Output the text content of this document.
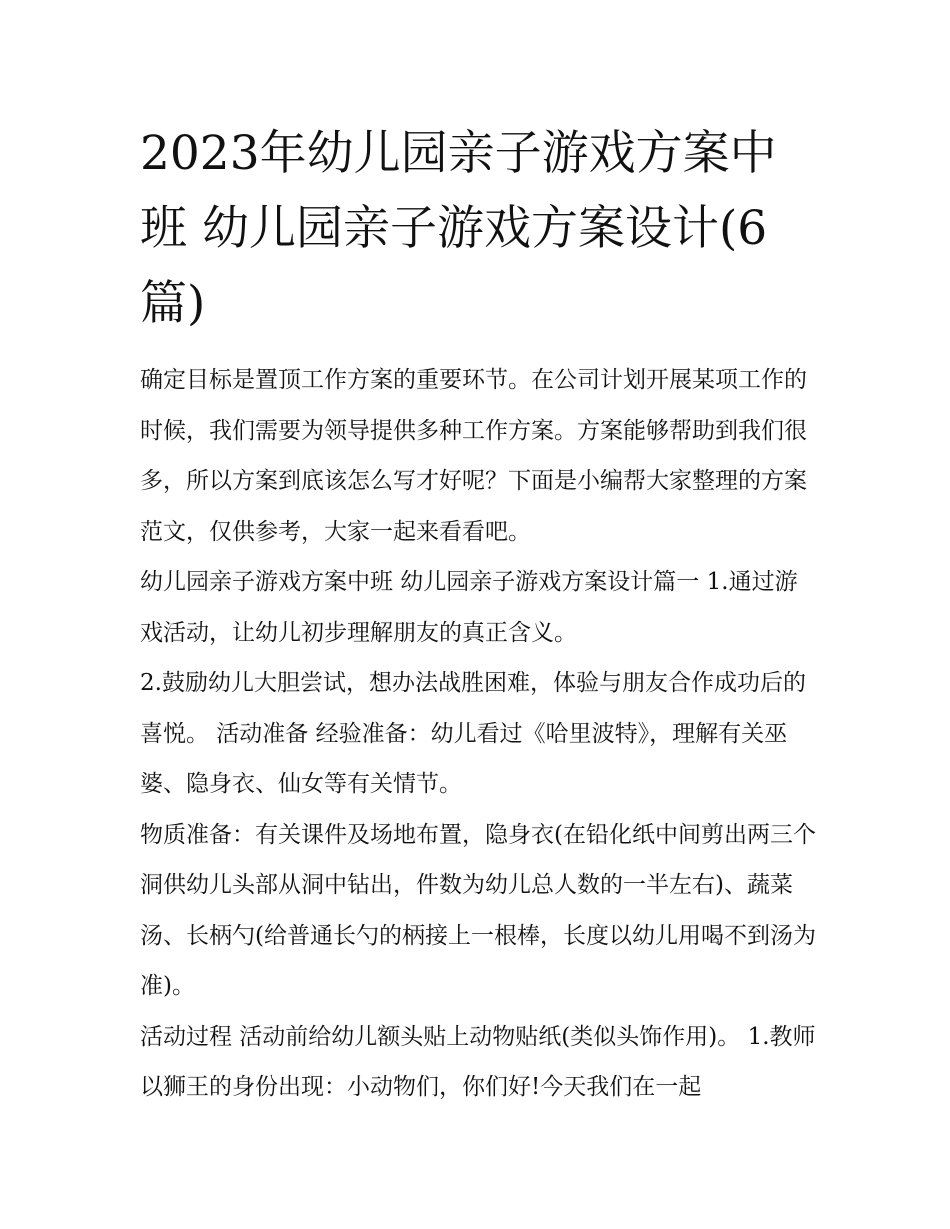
2023年幼儿园亲子游戏方案中
班 幼儿园亲子游戏方案设计(6
篇)

确定目标是置顶工作方案的重要环节。在公司计划开展某项工作的时候，我们需要为领导提供多种工作方案。方案能够帮助到我们很多，所以方案到底该怎么写才好呢？下面是小编帮大家整理的方案范文，仅供参考，大家一起来看看吧。

幼儿园亲子游戏方案中班 幼儿园亲子游戏方案设计篇一 1.通过游戏活动，让幼儿初步理解朋友的真正含义。

2.鼓励幼儿大胆尝试，想办法战胜困难，体验与朋友合作成功后的喜悦。 活动准备 经验准备：幼儿看过《哈里波特》，理解有关巫婆、隐身衣、仙女等有关情节。

物质准备：有关课件及场地布置，隐身衣(在铅化纸中间剪出两三个洞供幼儿头部从洞中钻出，件数为幼儿总人数的一半左右)、蔬菜汤、长柄勺(给普通长勺的柄接上一根棒，长度以幼儿用喝不到汤为准)。

活动过程 活动前给幼儿额头贴上动物贴纸(类似头饰作用)。 1.教师以狮王的身份出现：小动物们，你们好!今天我们在一起
